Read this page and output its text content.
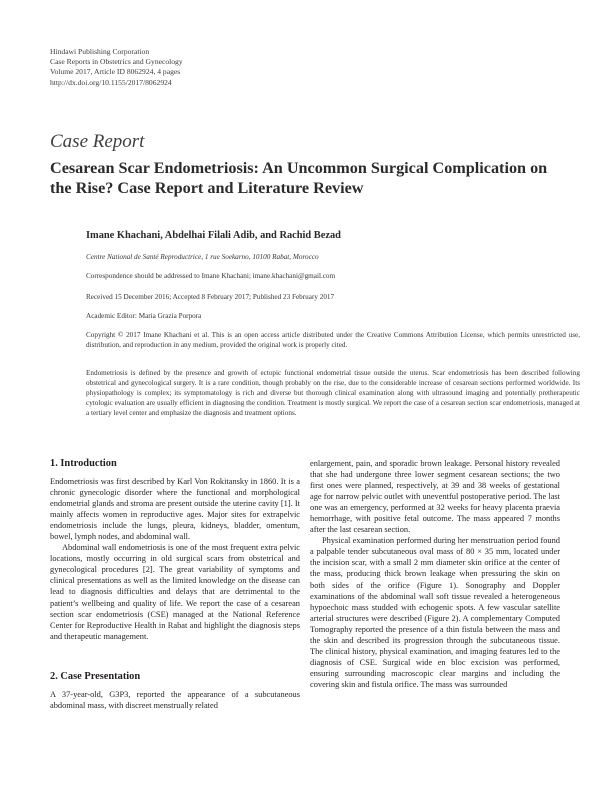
Hindawi Publishing Corporation
Case Reports in Obstetrics and Gynecology
Volume 2017, Article ID 8062924, 4 pages
http://dx.doi.org/10.1155/2017/8062924
Case Report
Cesarean Scar Endometriosis: An Uncommon Surgical Complication on the Rise? Case Report and Literature Review
Imane Khachani, Abdelhai Filali Adib, and Rachid Bezad
Centre National de Santé Reproductrice, 1 rue Soekarno, 10100 Rabat, Morocco
Correspondence should be addressed to Imane Khachani; imane.khachani@gmail.com
Received 15 December 2016; Accepted 8 February 2017; Published 23 February 2017
Academic Editor: Maria Grazia Porpora
Copyright © 2017 Imane Khachani et al. This is an open access article distributed under the Creative Commons Attribution License, which permits unrestricted use, distribution, and reproduction in any medium, provided the original work is properly cited.
Endometriosis is defined by the presence and growth of ectopic functional endometrial tissue outside the uterus. Scar endometriosis has been described following obstetrical and gynecological surgery. It is a rare condition, though probably on the rise, due to the considerable increase of cesarean sections performed worldwide. Its physiopathology is complex; its symptomatology is rich and diverse but thorough clinical examination along with ultrasound imaging and potentially pretherapeutic cytologic evaluation are usually efficient in diagnosing the condition. Treatment is mostly surgical. We report the case of a cesarean section scar endometriosis, managed at a tertiary level center and emphasize the diagnosis and treatment options.
1. Introduction

Endometriosis was first described by Karl Von Rokitansky in 1860. It is a chronic gynecologic disorder where the functional and morphological endometrial glands and stroma are present outside the uterine cavity [1]. It mainly affects women in reproductive ages. Major sites for extrapelvic endometriosis include the lungs, pleura, kidneys, bladder, omentum, bowel, lymph nodes, and abdominal wall.

Abdominal wall endometriosis is one of the most frequent extra pelvic locations, mostly occurring in old surgical scars from obstetrical and gynecological procedures [2]. The great variability of symptoms and clinical presentations as well as the limited knowledge on the disease can lead to diagnosis difficulties and delays that are detrimental to the patient’s wellbeing and quality of life. We report the case of a cesarean section scar endometriosis (CSE) managed at the National Reference Center for Reproductive Health in Rabat and highlight the diagnosis steps and therapeutic management.

2. Case Presentation

A 37-year-old, G3P3, reported the appearance of a subcutaneous abdominal mass, with discreet menstrually related

enlargement, pain, and sporadic brown leakage. Personal history revealed that she had undergone three lower segment cesarean sections; the two first ones were planned, respectively, at 39 and 38 weeks of gestational age for narrow pelvic outlet with uneventful postoperative period. The last one was an emergency, performed at 32 weeks for heavy placenta praevia hemorrhage, with positive fetal outcome. The mass appeared 7 months after the last cesarean section.

Physical examination performed during her menstruation period found a palpable tender subcutaneous oval mass of 80 × 35 mm, located under the incision scar, with a small 2 mm diameter skin orifice at the center of the mass, producing thick brown leakage when pressuring the skin on both sides of the orifice (Figure 1). Sonography and Doppler examinations of the abdominal wall soft tissue revealed a heterogeneous hypoechoic mass studded with echogenic spots. A few vascular satellite arterial structures were described (Figure 2). A complementary Computed Tomography reported the presence of a thin fistula between the mass and the skin and described its progression through the subcutaneous tissue. The clinical history, physical examination, and imaging features led to the diagnosis of CSE. Surgical wide en bloc excision was performed, ensuring surrounding macroscopic clear margins and including the covering skin and fistula orifice. The mass was surrounded
